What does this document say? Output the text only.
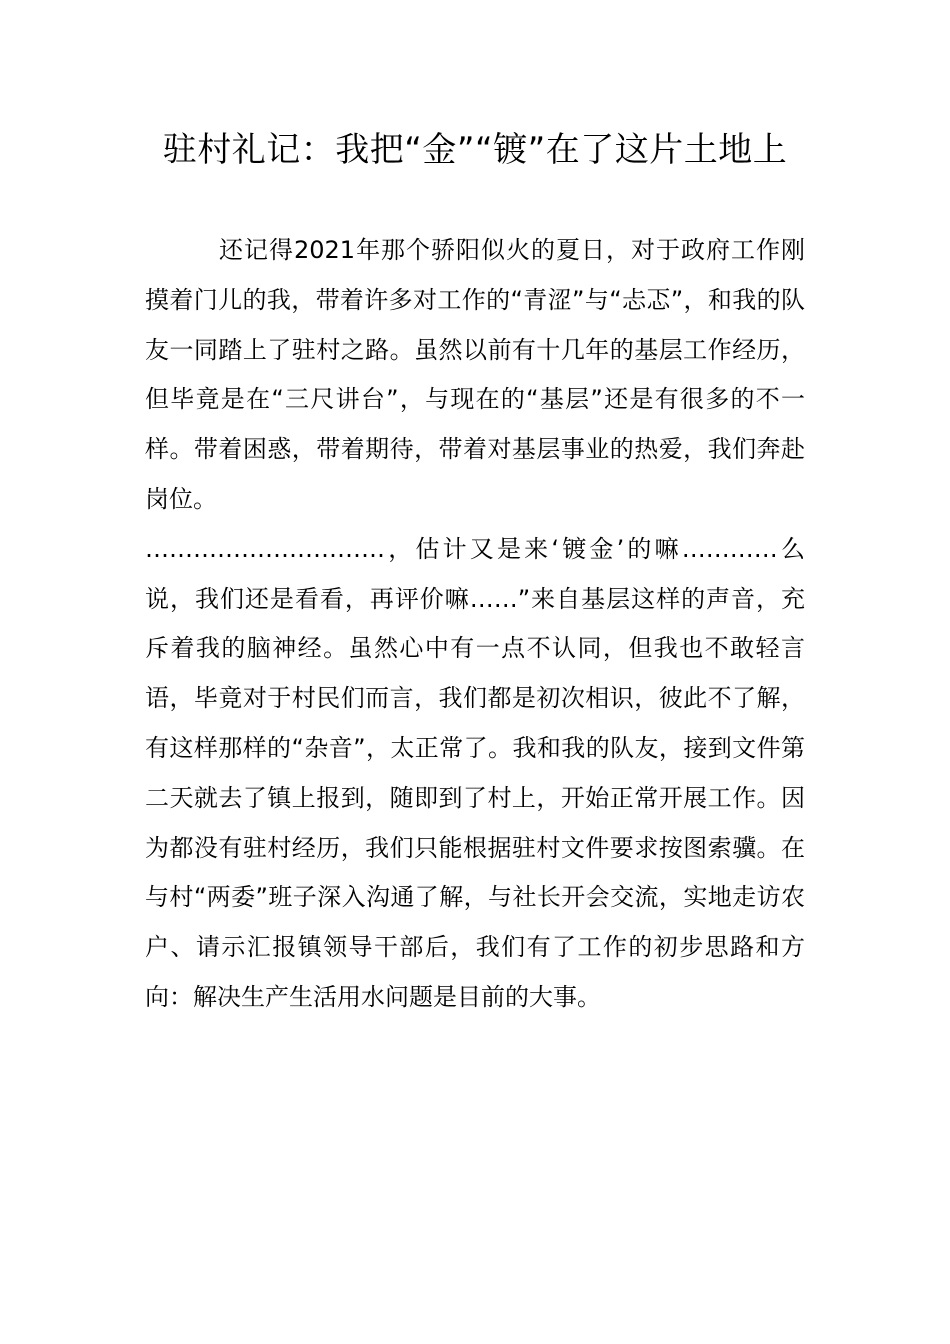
驻村礼记：我把“金”“镀”在了这片土地上
还记得2021年那个骄阳似火的夏日，对于政府工作刚摸着门儿的我，带着许多对工作的“青涩”与“忐忑”，和我的队友一同踏上了驻村之路。虽然以前有十几年的基层工作经历，但毕竟是在“三尺讲台”，与现在的“基层”还是有很多的不一样。带着困惑，带着期待，带着对基层事业的热爱，我们奔赴岗位。
…………………………，估计又是来‘镀金’的嘛…………么说，我们还是看看，再评价嘛……”来自基层这样的声音，充斥着我的脑神经。虽然心中有一点不认同，但我也不敢轻言语，毕竟对于村民们而言，我们都是初次相识，彼此不了解，有这样那样的“杂音”，太正常了。我和我的队友，接到文件第二天就去了镇上报到，随即到了村上，开始正常开展工作。因为都没有驻村经历，我们只能根据驻村文件要求按图索骥。在与村“两委”班子深入沟通了解，与社长开会交流，实地走访农户、请示汇报镇领导干部后，我们有了工作的初步思路和方向：解决生产生活用水问题是目前的大事。
